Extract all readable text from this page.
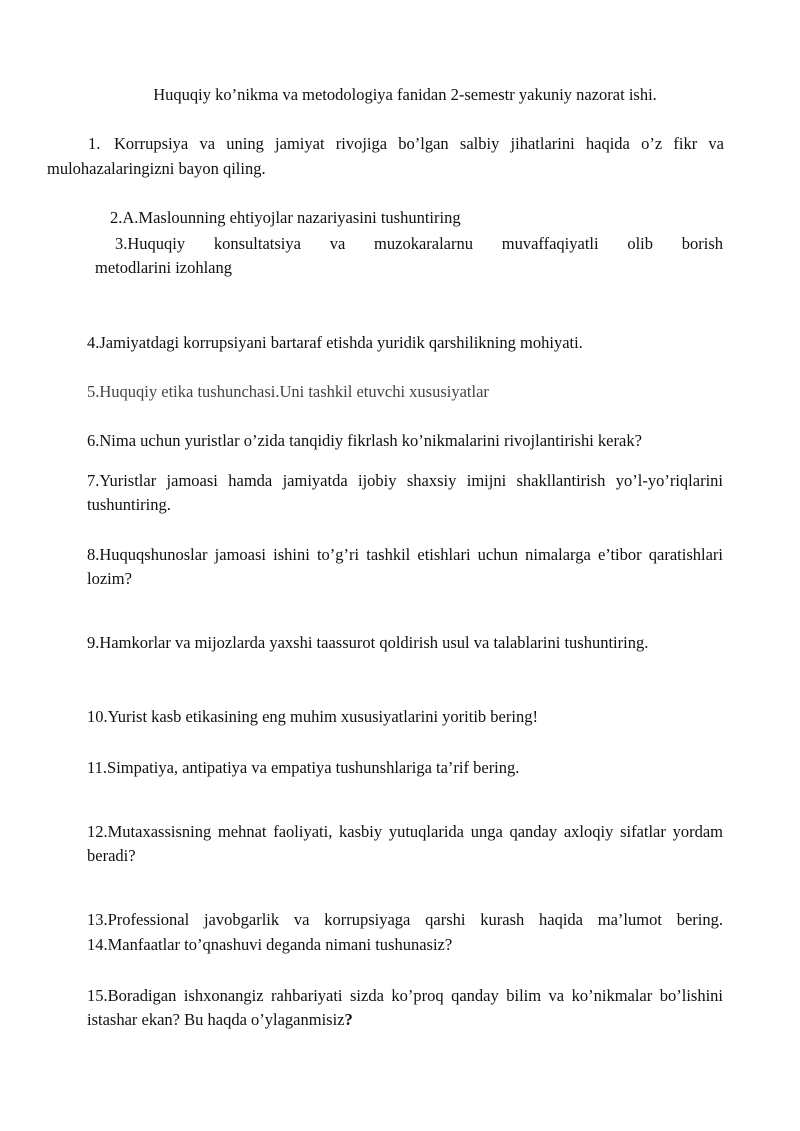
Huquqiy ko’nikma va metodologiya fanidan 2-semestr yakuniy nazorat ishi.

1. Korrupsiya va uning jamiyat rivojiga bo’lgan salbiy jihatlarini haqida o’z fikr va
mulohazalaringizni bayon qiling.
2.A.Maslounning ehtiyojlar nazariyasini tushuntiring
3.Huquqiy konsultatsiya va muzokaralarnu muvaffaqiyatli olib borish
metodlarini izohlang
4.Jamiyatdagi korrupsiyani bartaraf etishda yuridik qarshilikning mohiyati.
5.Huquqiy etika tushunchasi.Uni tashkil etuvchi xususiyatlar
6.Nima uchun yuristlar o’zida tanqidiy fikrlash ko’nikmalarini rivojlantirishi kerak?

7.Yuristlar jamoasi hamda jamiyatda ijobiy shaxsiy imijni shakllantirish yo’l-yo’riqlarini tushuntiring.

8.Huquqshunoslar jamoasi ishini to’g’ri tashkil etishlari uchun nimalarga e’tibor qaratishlari lozim?

9.Hamkorlar va mijozlarda yaxshi taassurot qoldirish usul va talablarini tushuntiring.

10.Yurist kasb etikasining eng muhim xususiyatlarini yoritib bering!
11.Simpatiya, antipatiya va empatiya tushunshlariga ta’rif bering.

12.Mutaxassisning mehnat faoliyati, kasbiy yutuqlarida unga qanday axloqiy sifatlar yordam beradi?

13.Professional javobgarlik va korrupsiyaga qarshi kurash haqida ma’lumot bering.
14.Manfaatlar to’qnashuvi deganda nimani tushunasiz?

15.Boradigan ishxonangiz rahbariyati sizda ko’proq qanday bilim va ko’nikmalar bo’lishini istashar ekan? Bu haqda o’ylaganmisiz?
